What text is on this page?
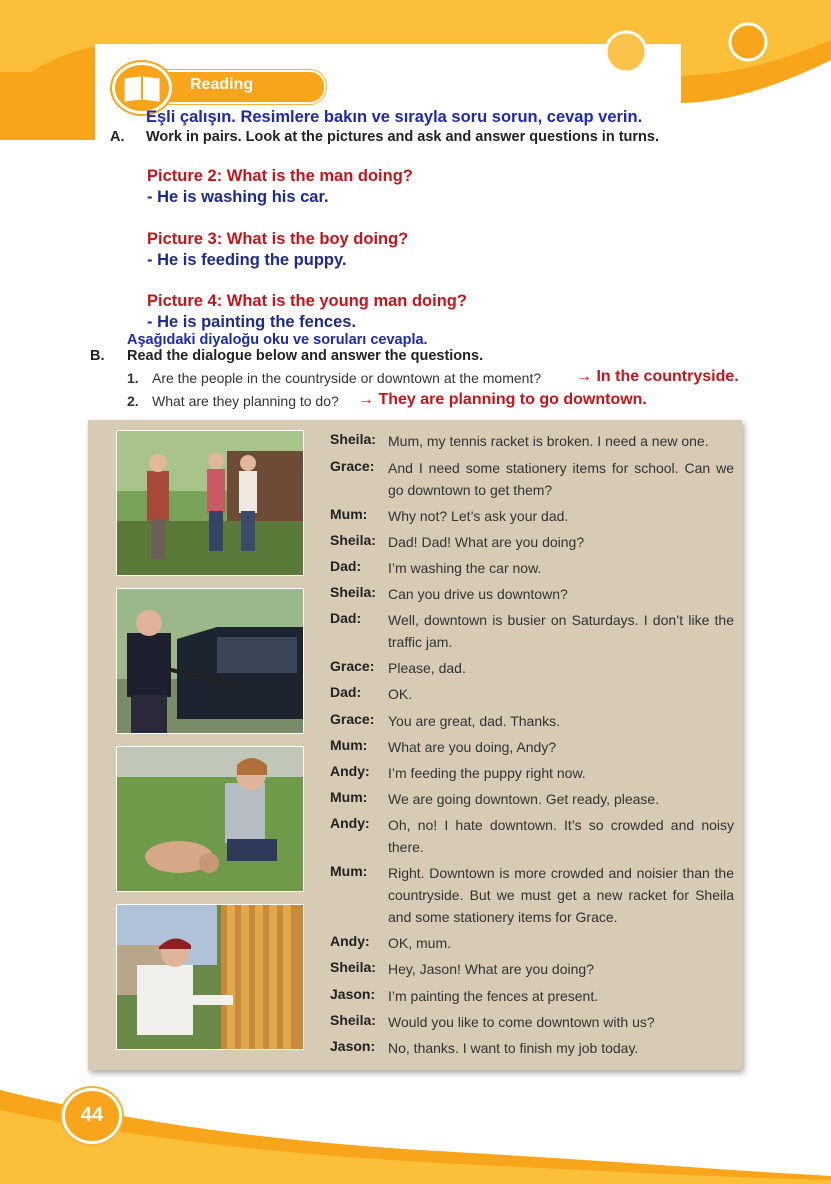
Reading
Eşli çalışın. Resimlere bakın ve sırayla soru sorun, cevap verin.
A. Work in pairs. Look at the pictures and ask and answer questions in turns.
Picture 2: What is the man doing?
- He is washing his car.
Picture 3: What is the boy doing?
- He is feeding the puppy.
Picture 4: What is the young man doing?
- He is painting the fences.
Aşağıdaki diyaloğu oku ve soruları cevapla.
B. Read the dialogue below and answer the questions.
1. Are the people in the countryside or downtown at the moment? → In the countryside.
2. What are they planning to do? → They are planning to go downtown.
Sheila: Mum, my tennis racket is broken. I need a new one.
Grace: And I need some stationery items for school. Can we go downtown to get them?
Mum:	Why not? Let’s ask your dad.
Sheila: Dad! Dad! What are you doing?
Dad:	I’m washing the car now.
Sheila: Can you drive us downtown?
Dad:	Well, downtown is busier on Saturdays. I don’t like the traffic jam.
Grace: Please, dad.
Dad:	OK.
Grace: You are great, dad. Thanks.
Mum:	What are you doing, Andy?
Andy:	I’m feeding the puppy right now.
Mum:	We are going downtown. Get ready, please.
Andy:	Oh, no! I hate downtown. It’s so crowded and noisy there.
Mum:	Right. Downtown is more crowded and noisier than the countryside. But we must get a new racket for Sheila and some stationery items for Grace.
Andy:	OK, mum.
Sheila: Hey, Jason! What are you doing?
Jason: I’m painting the fences at present.
Sheila: Would you like to come downtown with us?
Jason: No, thanks. I want to finish my job today.
44
